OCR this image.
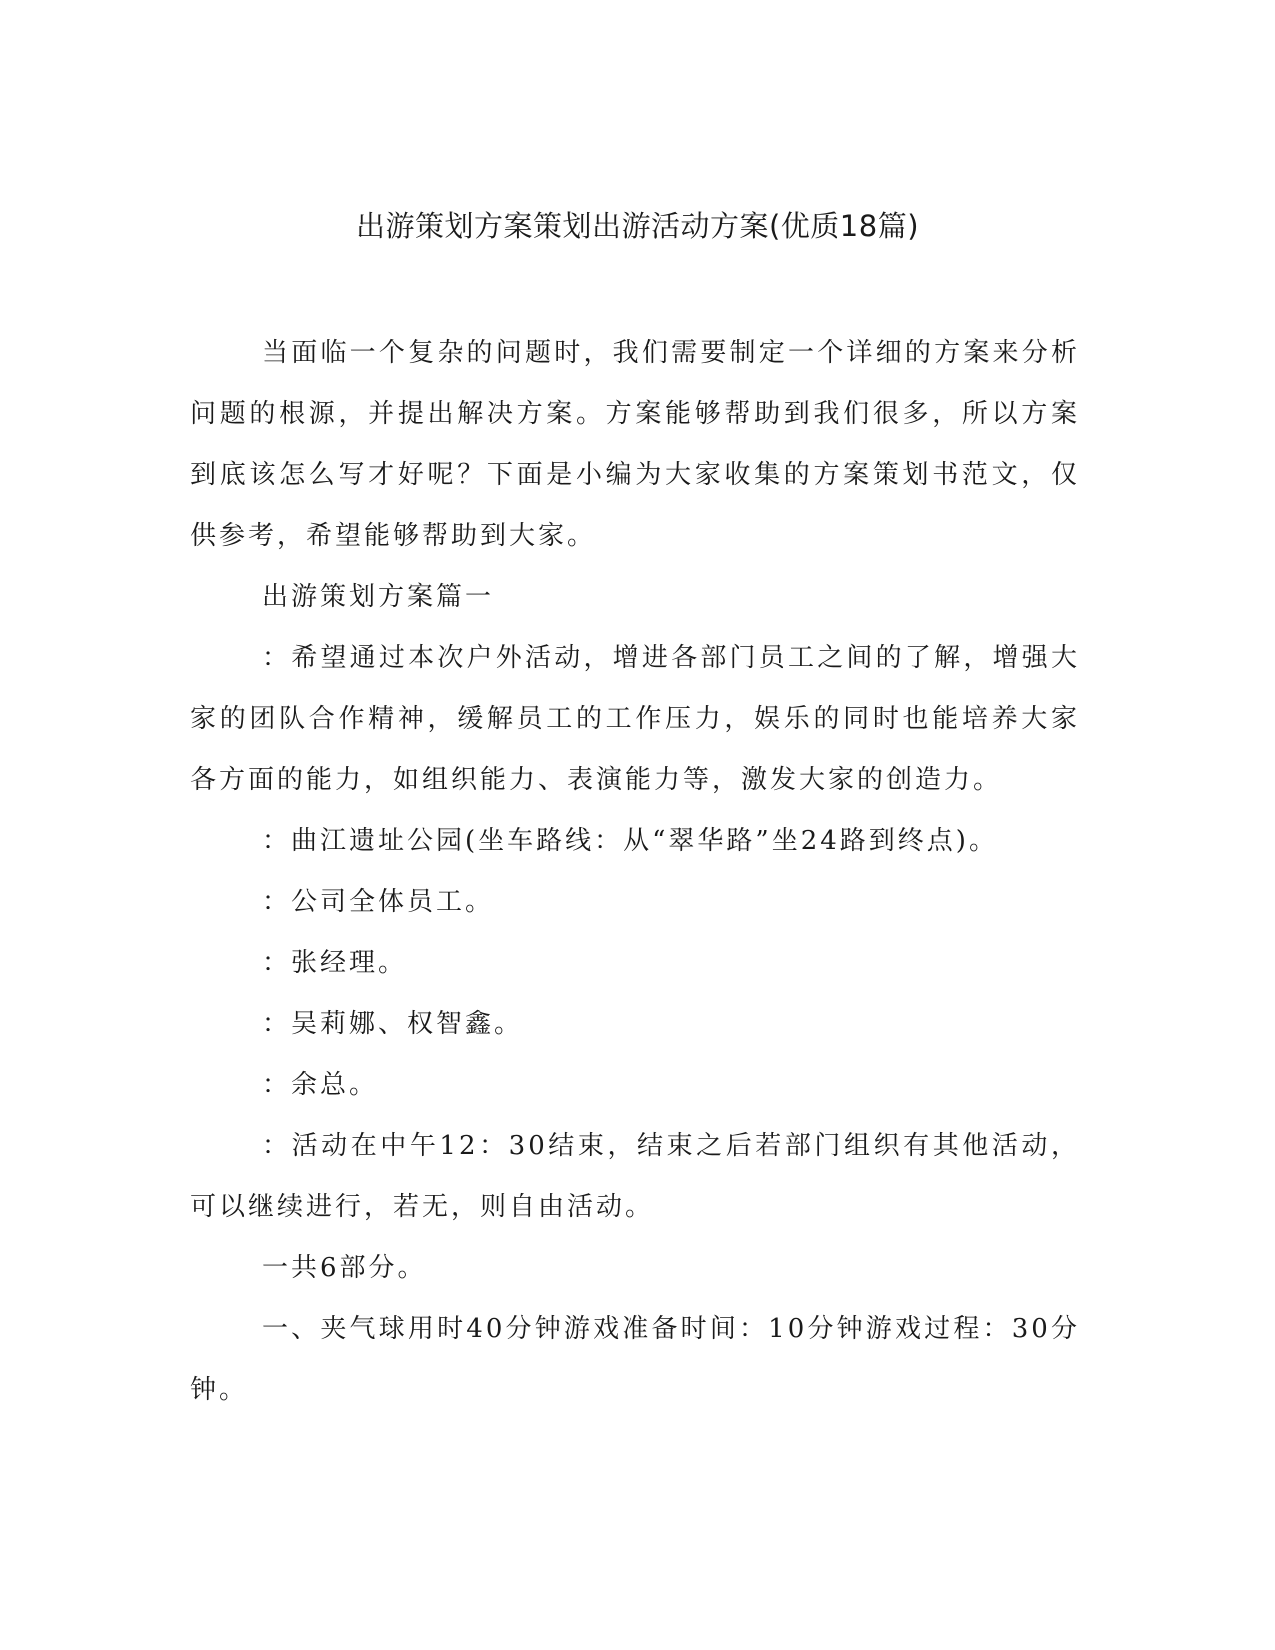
出游策划方案策划出游活动方案(优质18篇)

当面临一个复杂的问题时，我们需要制定一个详细的方案来分析问题的根源，并提出解决方案。方案能够帮助到我们很多，所以方案到底该怎么写才好呢？下面是小编为大家收集的方案策划书范文，仅供参考，希望能够帮助到大家。

出游策划方案篇一

：希望通过本次户外活动，增进各部门员工之间的了解，增强大家的团队合作精神，缓解员工的工作压力，娱乐的同时也能培养大家各方面的能力，如组织能力、表演能力等，激发大家的创造力。

：曲江遗址公园(坐车路线：从“翠华路”坐24路到终点)。

：公司全体员工。

：张经理。

：吴莉娜、权智鑫。

：余总。

：活动在中午12：30结束，结束之后若部门组织有其他活动，可以继续进行，若无，则自由活动。

一共6部分。

一、夹气球用时40分钟游戏准备时间：10分钟游戏过程：30分钟。
